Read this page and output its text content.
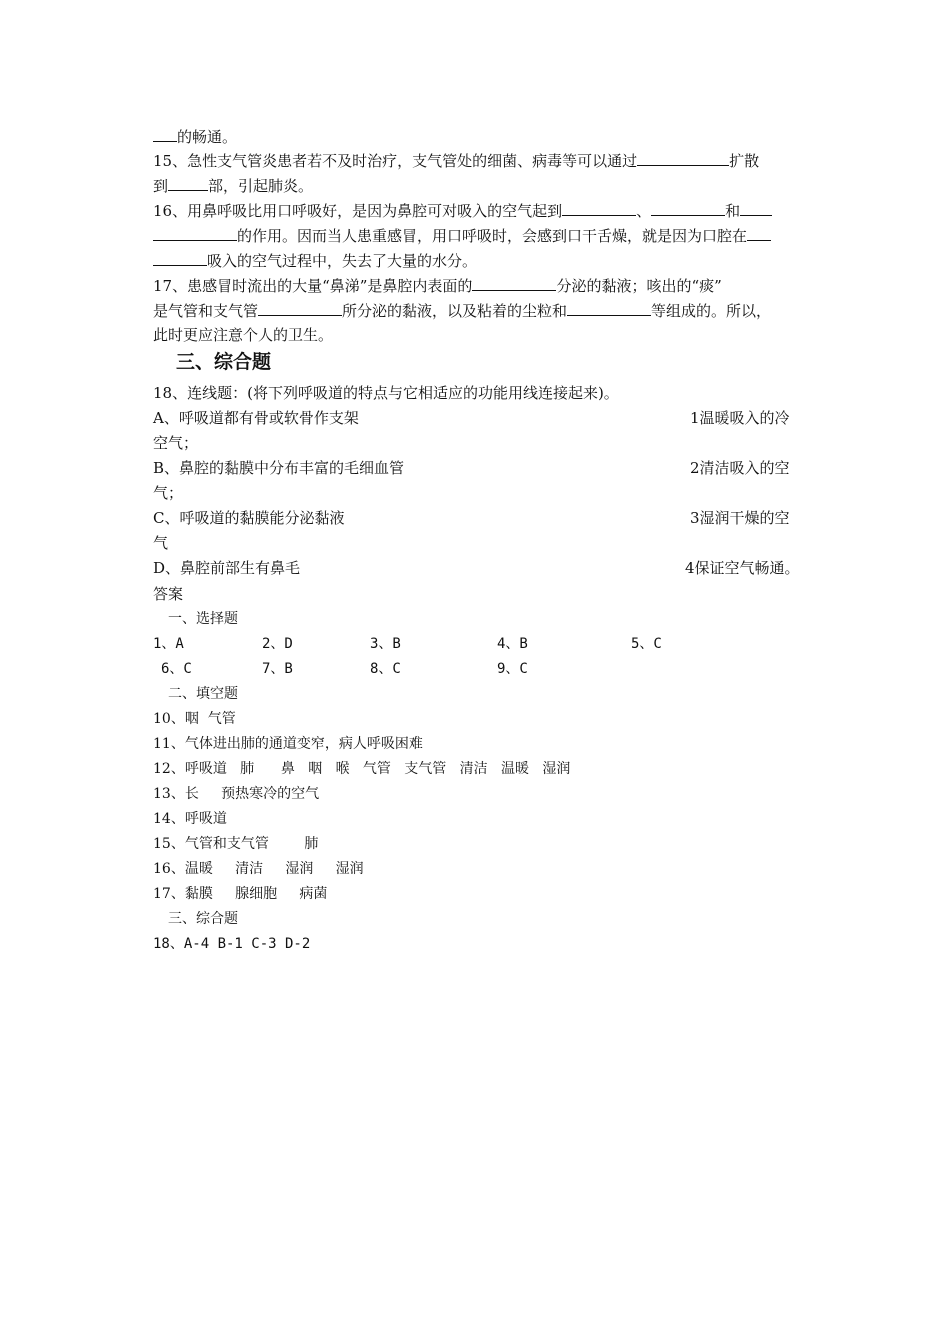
的畅通。
15、急性支气管炎患者若不及时治疗，支气管处的细菌、病毒等可以通过	扩散
到	部，引起肺炎。
16、用鼻呼吸比用口呼吸好，是因为鼻腔可对吸入的空气起到	、	和
的作用。因而当人患重感冒，用口呼吸时，会感到口干舌燥，就是因为口腔在
吸入的空气过程中，失去了大量的水分。
17、患感冒时流出的大量“鼻涕”是鼻腔内表面的	分泌的黏液；咳出的“痰”
是气管和支气管	所分泌的黏液，以及粘着的尘粒和	等组成的。所以，
此时更应注意个人的卫生。
三、综合题
18、连线题：(将下列呼吸道的特点与它相适应的功能用线连接起来)。
A、呼吸道都有骨或软骨作支架	1温暖吸入的冷
空气；
B、鼻腔的黏膜中分布丰富的毛细血管	2清洁吸入的空
气；
C、呼吸道的黏膜能分泌黏液	3湿润干燥的空
气
D、鼻腔前部生有鼻毛	4保证空气畅通。
答案
一、选择题
1、A	2、D	3、B	4、B	5、C
6、C	7、B	8、C	9、C
二、填空题
10、咽  气管
11、气体进出肺的通道变窄，病人呼吸困难
12、呼吸道   肺      鼻   咽   喉   气管   支气管   清洁   温暖   湿润
13、长     预热寒冷的空气
14、呼吸道
15、气管和支气管        肺
16、温暖     清洁     湿润     湿润
17、黏膜     腺细胞     病菌
三、综合题
18、A-4 B-1 C-3 D-2
